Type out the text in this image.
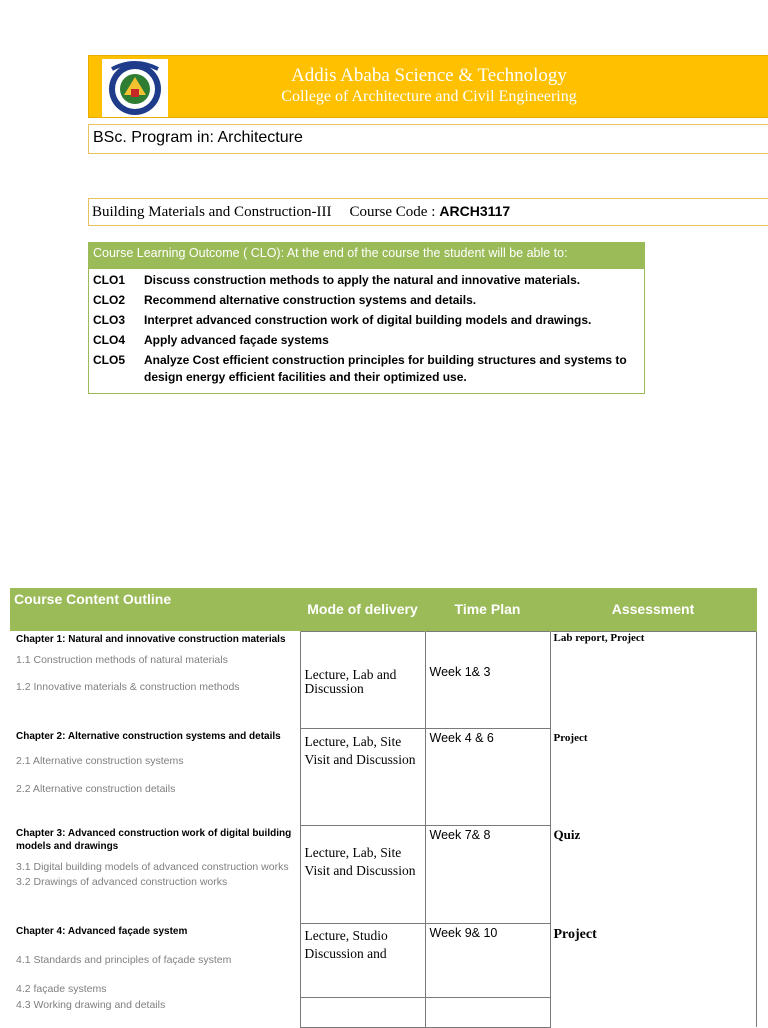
Addis Ababa Science & Technology
College of Architecture and Civil Engineering
BSc. Program in: Architecture
Building Materials and Construction-III Course Code : ARCH3117
Course Learning Outcome ( CLO): At the end of the course the student will be able to:
CLO1	Discuss construction methods to apply the natural and innovative materials.
CLO2	Recommend alternative construction systems and details.
CLO3	Interpret advanced construction work of digital building models and drawings.
CLO4	Apply advanced façade systems
CLO5	Analyze Cost efficient construction principles for building structures and systems to design energy efficient facilities and their optimized use.
Course Content Outline	Mode of delivery	Time Plan	Assessment

Chapter 1: Natural and innovative construction materials
1.1 Construction methods of natural materials
1.2 Innovative materials & construction methods	Lecture, Lab and Discussion	Week 1& 3	Lab report, Project

Chapter 2: Alternative construction systems and details
2.1 Alternative construction systems
2.2 Alternative construction details	Lecture, Lab, Site Visit and Discussion	Week 4 & 6	Project

Chapter 3: Advanced construction work of digital building models and drawings
3.1 Digital building models of advanced construction works
3.2 Drawings of advanced construction works	Lecture, Lab, Site Visit and Discussion	Week 7& 8	Quiz

Chapter 4: Advanced façade system
4.1 Standards and principles of façade system
4.2 façade systems
4.3 Working drawing and details	Lecture, Studio Discussion and	Week 9& 10	Project
